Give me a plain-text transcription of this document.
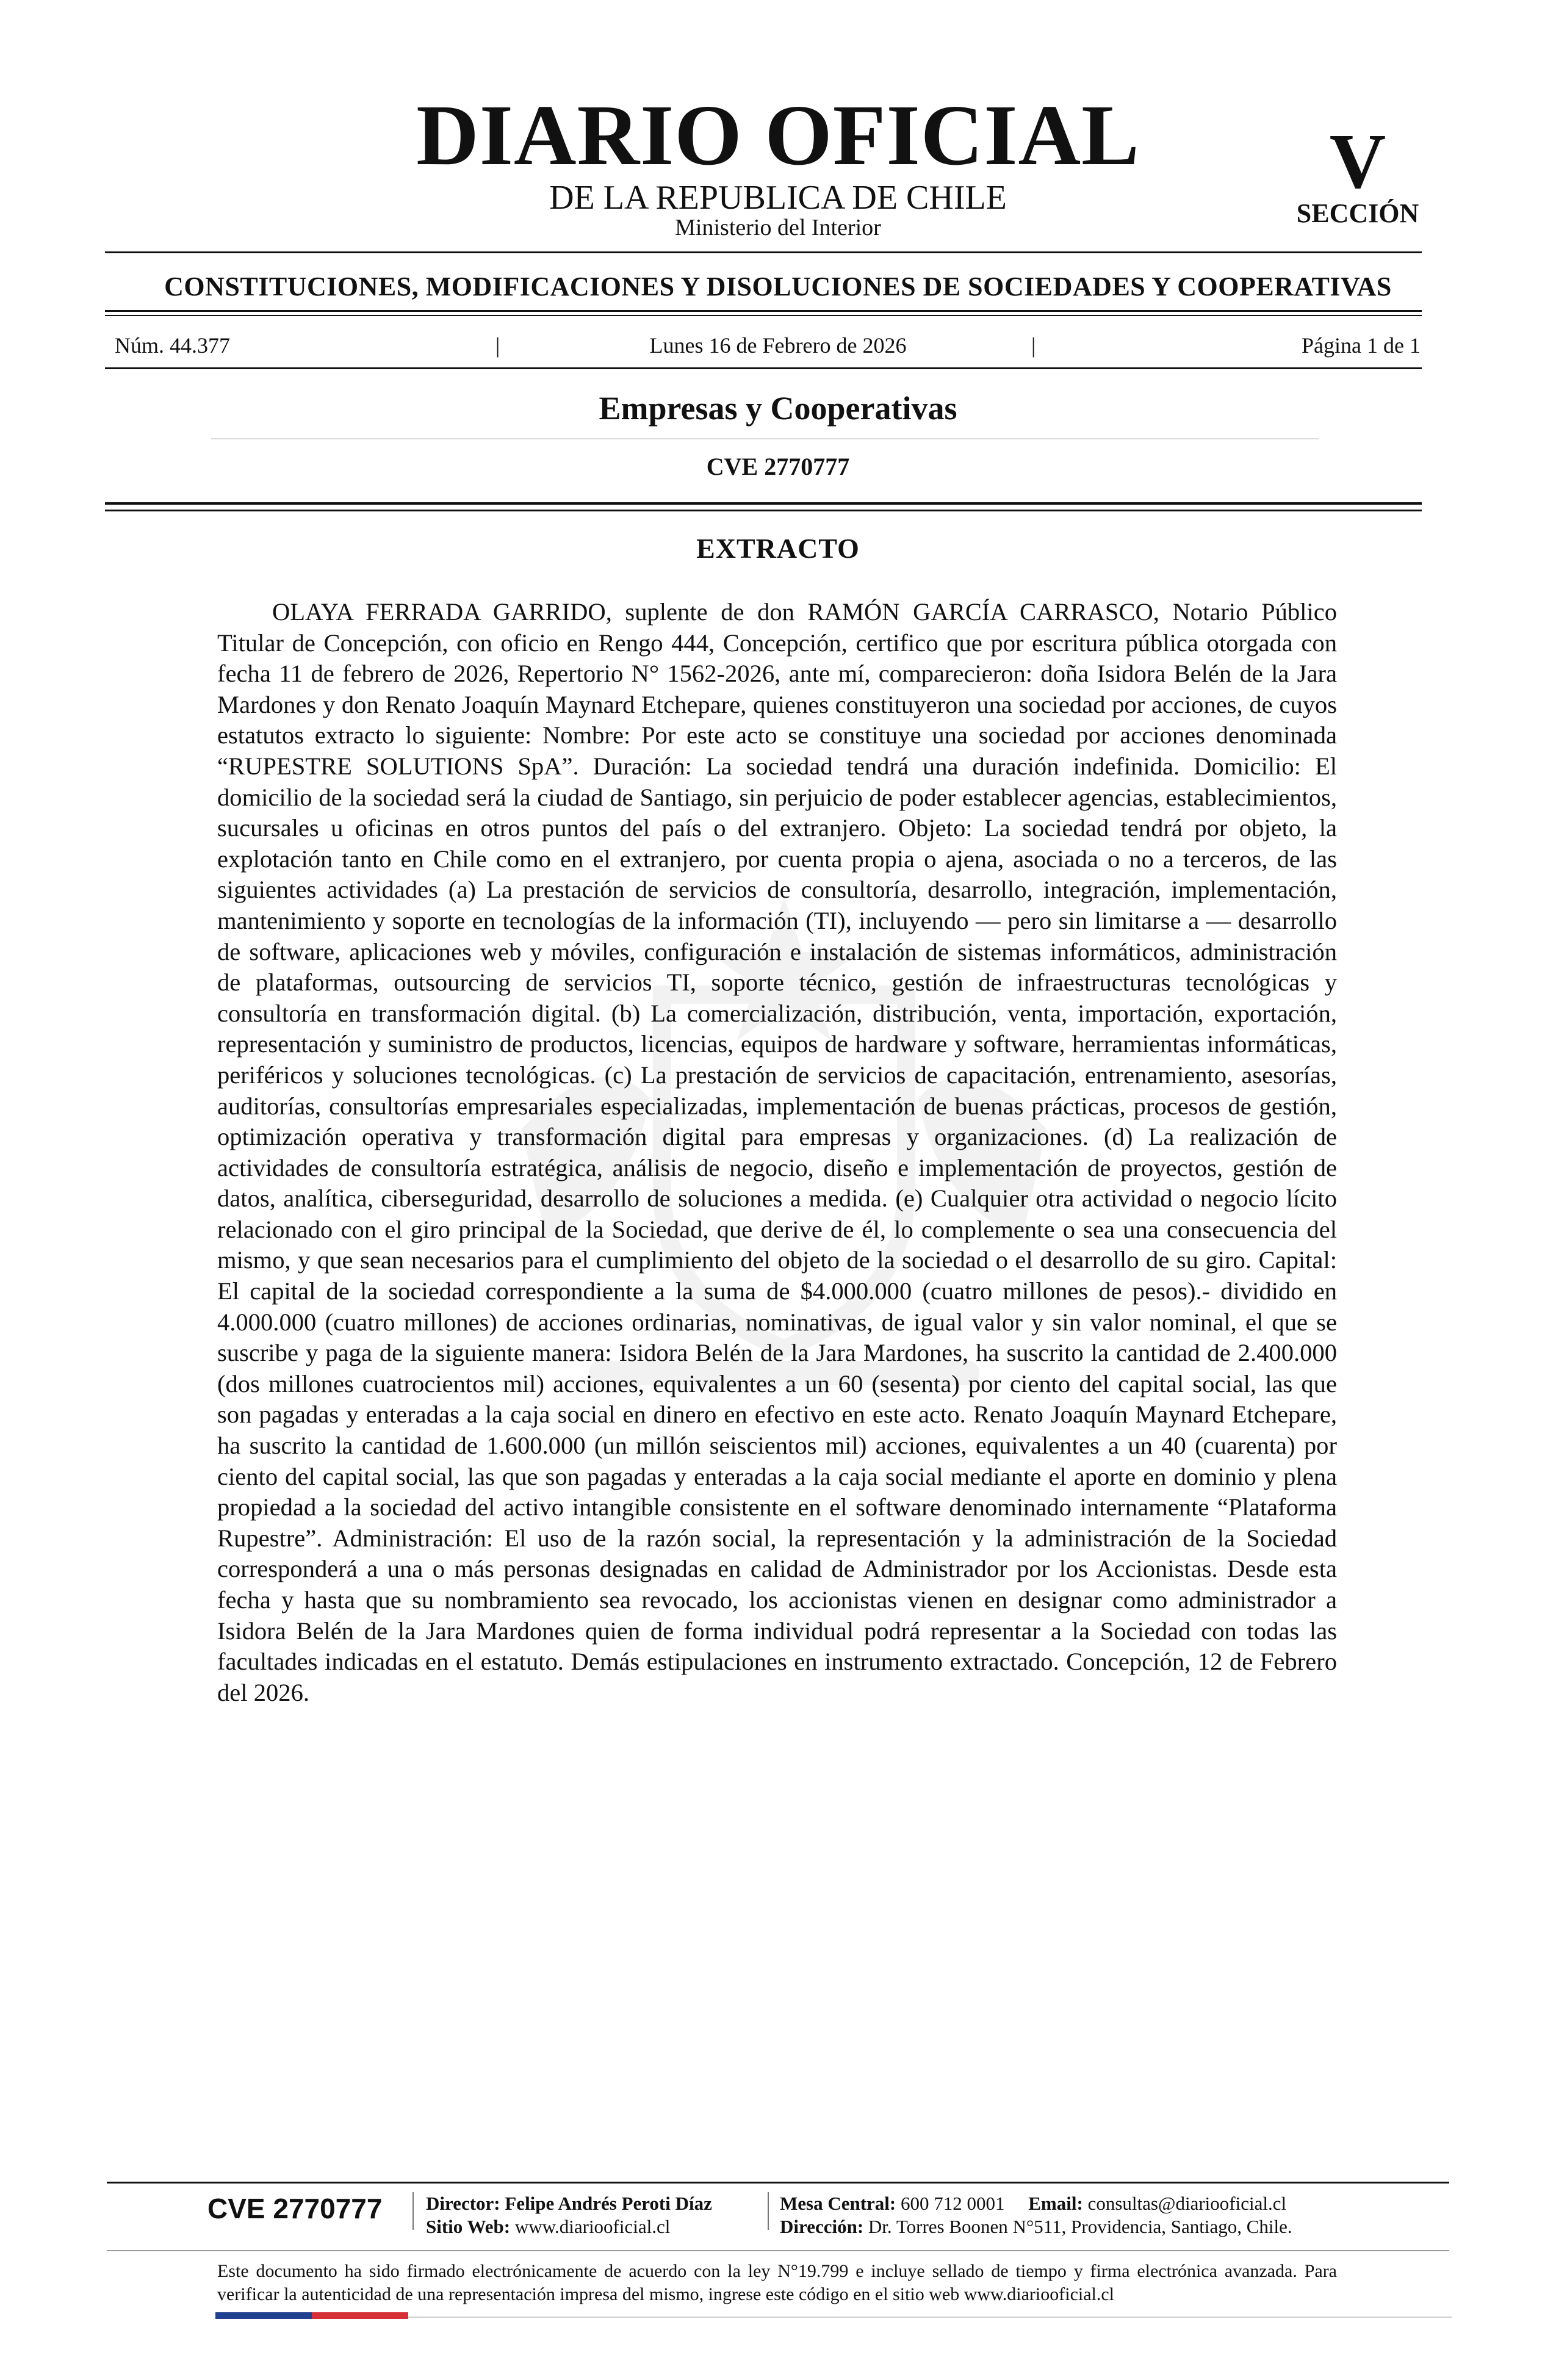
DIARIO OFICIAL
DE LA REPUBLICA DE CHILE
Ministerio del Interior
V
SECCIÓN
CONSTITUCIONES, MODIFICACIONES Y DISOLUCIONES DE SOCIEDADES Y COOPERATIVAS
Núm. 44.377	|	Lunes 16 de Febrero de 2026	|	Página 1 de 1
Empresas y Cooperativas
CVE 2770777
EXTRACTO

OLAYA FERRADA GARRIDO, suplente de don RAMÓN GARCÍA CARRASCO, Notario Público Titular de Concepción, con oficio en Rengo 444, Concepción, certifico que por escritura pública otorgada con fecha 11 de febrero de 2026, Repertorio N° 1562-2026, ante mí, comparecieron: doña Isidora Belén de la Jara Mardones y don Renato Joaquín Maynard Etchepare, quienes constituyeron una sociedad por acciones, de cuyos estatutos extracto lo siguiente: Nombre: Por este acto se constituye una sociedad por acciones denominada “RUPESTRE SOLUTIONS SpA”. Duración: La sociedad tendrá una duración indefinida. Domicilio: El domicilio de la sociedad será la ciudad de Santiago, sin perjuicio de poder establecer agencias, establecimientos, sucursales u oficinas en otros puntos del país o del extranjero. Objeto: La sociedad tendrá por objeto, la explotación tanto en Chile como en el extranjero, por cuenta propia o ajena, asociada o no a terceros, de las siguientes actividades (a) La prestación de servicios de consultoría, desarrollo, integración, implementación, mantenimiento y soporte en tecnologías de la información (TI), incluyendo — pero sin limitarse a — desarrollo de software, aplicaciones web y móviles, configuración e instalación de sistemas informáticos, administración de plataformas, outsourcing de servicios TI, soporte técnico, gestión de infraestructuras tecnológicas y consultoría en transformación digital. (b) La comercialización, distribución, venta, importación, exportación, representación y suministro de productos, licencias, equipos de hardware y software, herramientas informáticas, periféricos y soluciones tecnológicas. (c) La prestación de servicios de capacitación, entrenamiento, asesorías, auditorías, consultorías empresariales especializadas, implementación de buenas prácticas, procesos de gestión, optimización operativa y transformación digital para empresas y organizaciones. (d) La realización de actividades de consultoría estratégica, análisis de negocio, diseño e implementación de proyectos, gestión de datos, analítica, ciberseguridad, desarrollo de soluciones a medida. (e) Cualquier otra actividad o negocio lícito relacionado con el giro principal de la Sociedad, que derive de él, lo complemente o sea una consecuencia del mismo, y que sean necesarios para el cumplimiento del objeto de la sociedad o el desarrollo de su giro. Capital: El capital de la sociedad correspondiente a la suma de $4.000.000 (cuatro millones de pesos).- dividido en 4.000.000 (cuatro millones) de acciones ordinarias, nominativas, de igual valor y sin valor nominal, el que se suscribe y paga de la siguiente manera: Isidora Belén de la Jara Mardones, ha suscrito la cantidad de 2.400.000 (dos millones cuatrocientos mil) acciones, equivalentes a un 60 (sesenta) por ciento del capital social, las que son pagadas y enteradas a la caja social en dinero en efectivo en este acto. Renato Joaquín Maynard Etchepare, ha suscrito la cantidad de 1.600.000 (un millón seiscientos mil) acciones, equivalentes a un 40 (cuarenta) por ciento del capital social, las que son pagadas y enteradas a la caja social mediante el aporte en dominio y plena propiedad a la sociedad del activo intangible consistente en el software denominado internamente “Plataforma Rupestre”. Administración: El uso de la razón social, la representación y la administración de la Sociedad corresponderá a una o más personas designadas en calidad de Administrador por los Accionistas. Desde esta fecha y hasta que su nombramiento sea revocado, los accionistas vienen en designar como administrador a Isidora Belén de la Jara Mardones quien de forma individual podrá representar a la Sociedad con todas las facultades indicadas en el estatuto. Demás estipulaciones en instrumento extractado. Concepción, 12 de Febrero del 2026.

CVE 2770777 Director: Felipe Andrés Peroti Díaz
Sitio Web: www.diariooficial.cl
Mesa Central: 600 712 0001 Email: consultas@diariooficial.cl
Dirección: Dr. Torres Boonen N°511, Providencia, Santiago, Chile.

Este documento ha sido firmado electrónicamente de acuerdo con la ley N°19.799 e incluye sellado de tiempo y firma electrónica avanzada. Para verificar la autenticidad de una representación impresa del mismo, ingrese este código en el sitio web www.diariooficial.cl
